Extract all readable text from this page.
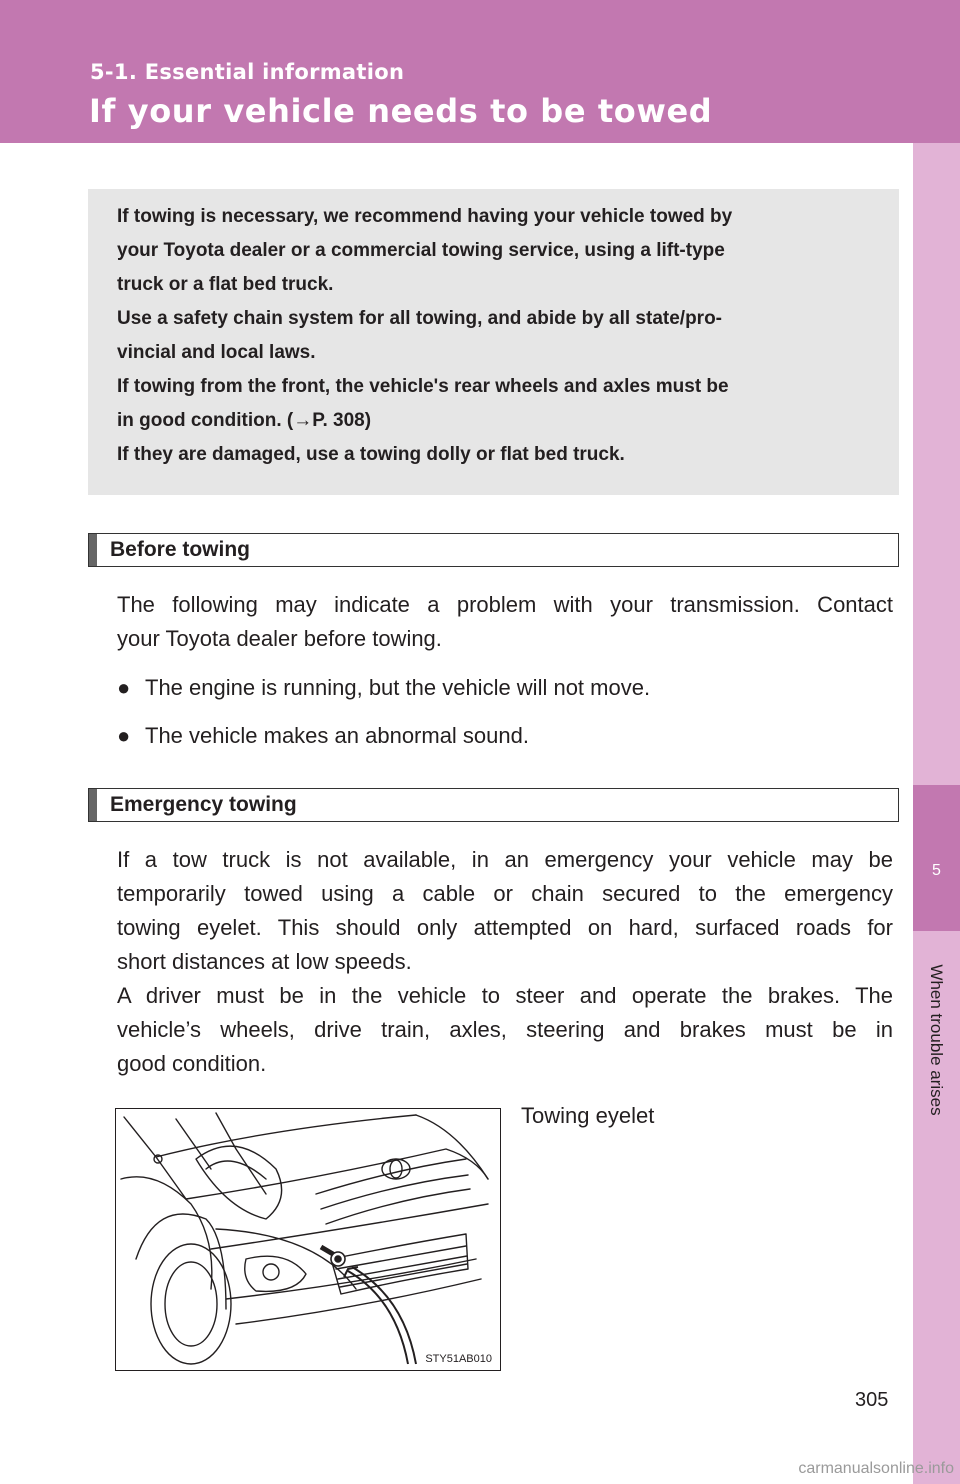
5-1. Essential information
If your vehicle needs to be towed
5
When trouble arises
If towing is necessary, we recommend having your vehicle towed by
your Toyota dealer or a commercial towing service, using a lift-type
truck or a flat bed truck.
Use a safety chain system for all towing, and abide by all state/pro-
vincial and local laws.
If towing from the front, the vehicle's rear wheels and axles must be
in good condition. (→P. 308)
If they are damaged, use a towing dolly or flat bed truck.
Before towing
The following may indicate a problem with your transmission. Contact
your Toyota dealer before towing.
● The engine is running, but the vehicle will not move.
● The vehicle makes an abnormal sound.
Emergency towing
If a tow truck is not available, in an emergency your vehicle may be
temporarily towed using a cable or chain secured to the emergency
towing eyelet. This should only attempted on hard, surfaced roads for
short distances at low speeds.
A driver must be in the vehicle to steer and operate the brakes. The
vehicle’s wheels, drive train, axles, steering and brakes must be in
good condition.
STY51AB010
Towing eyelet
305
carmanualsonline.info
